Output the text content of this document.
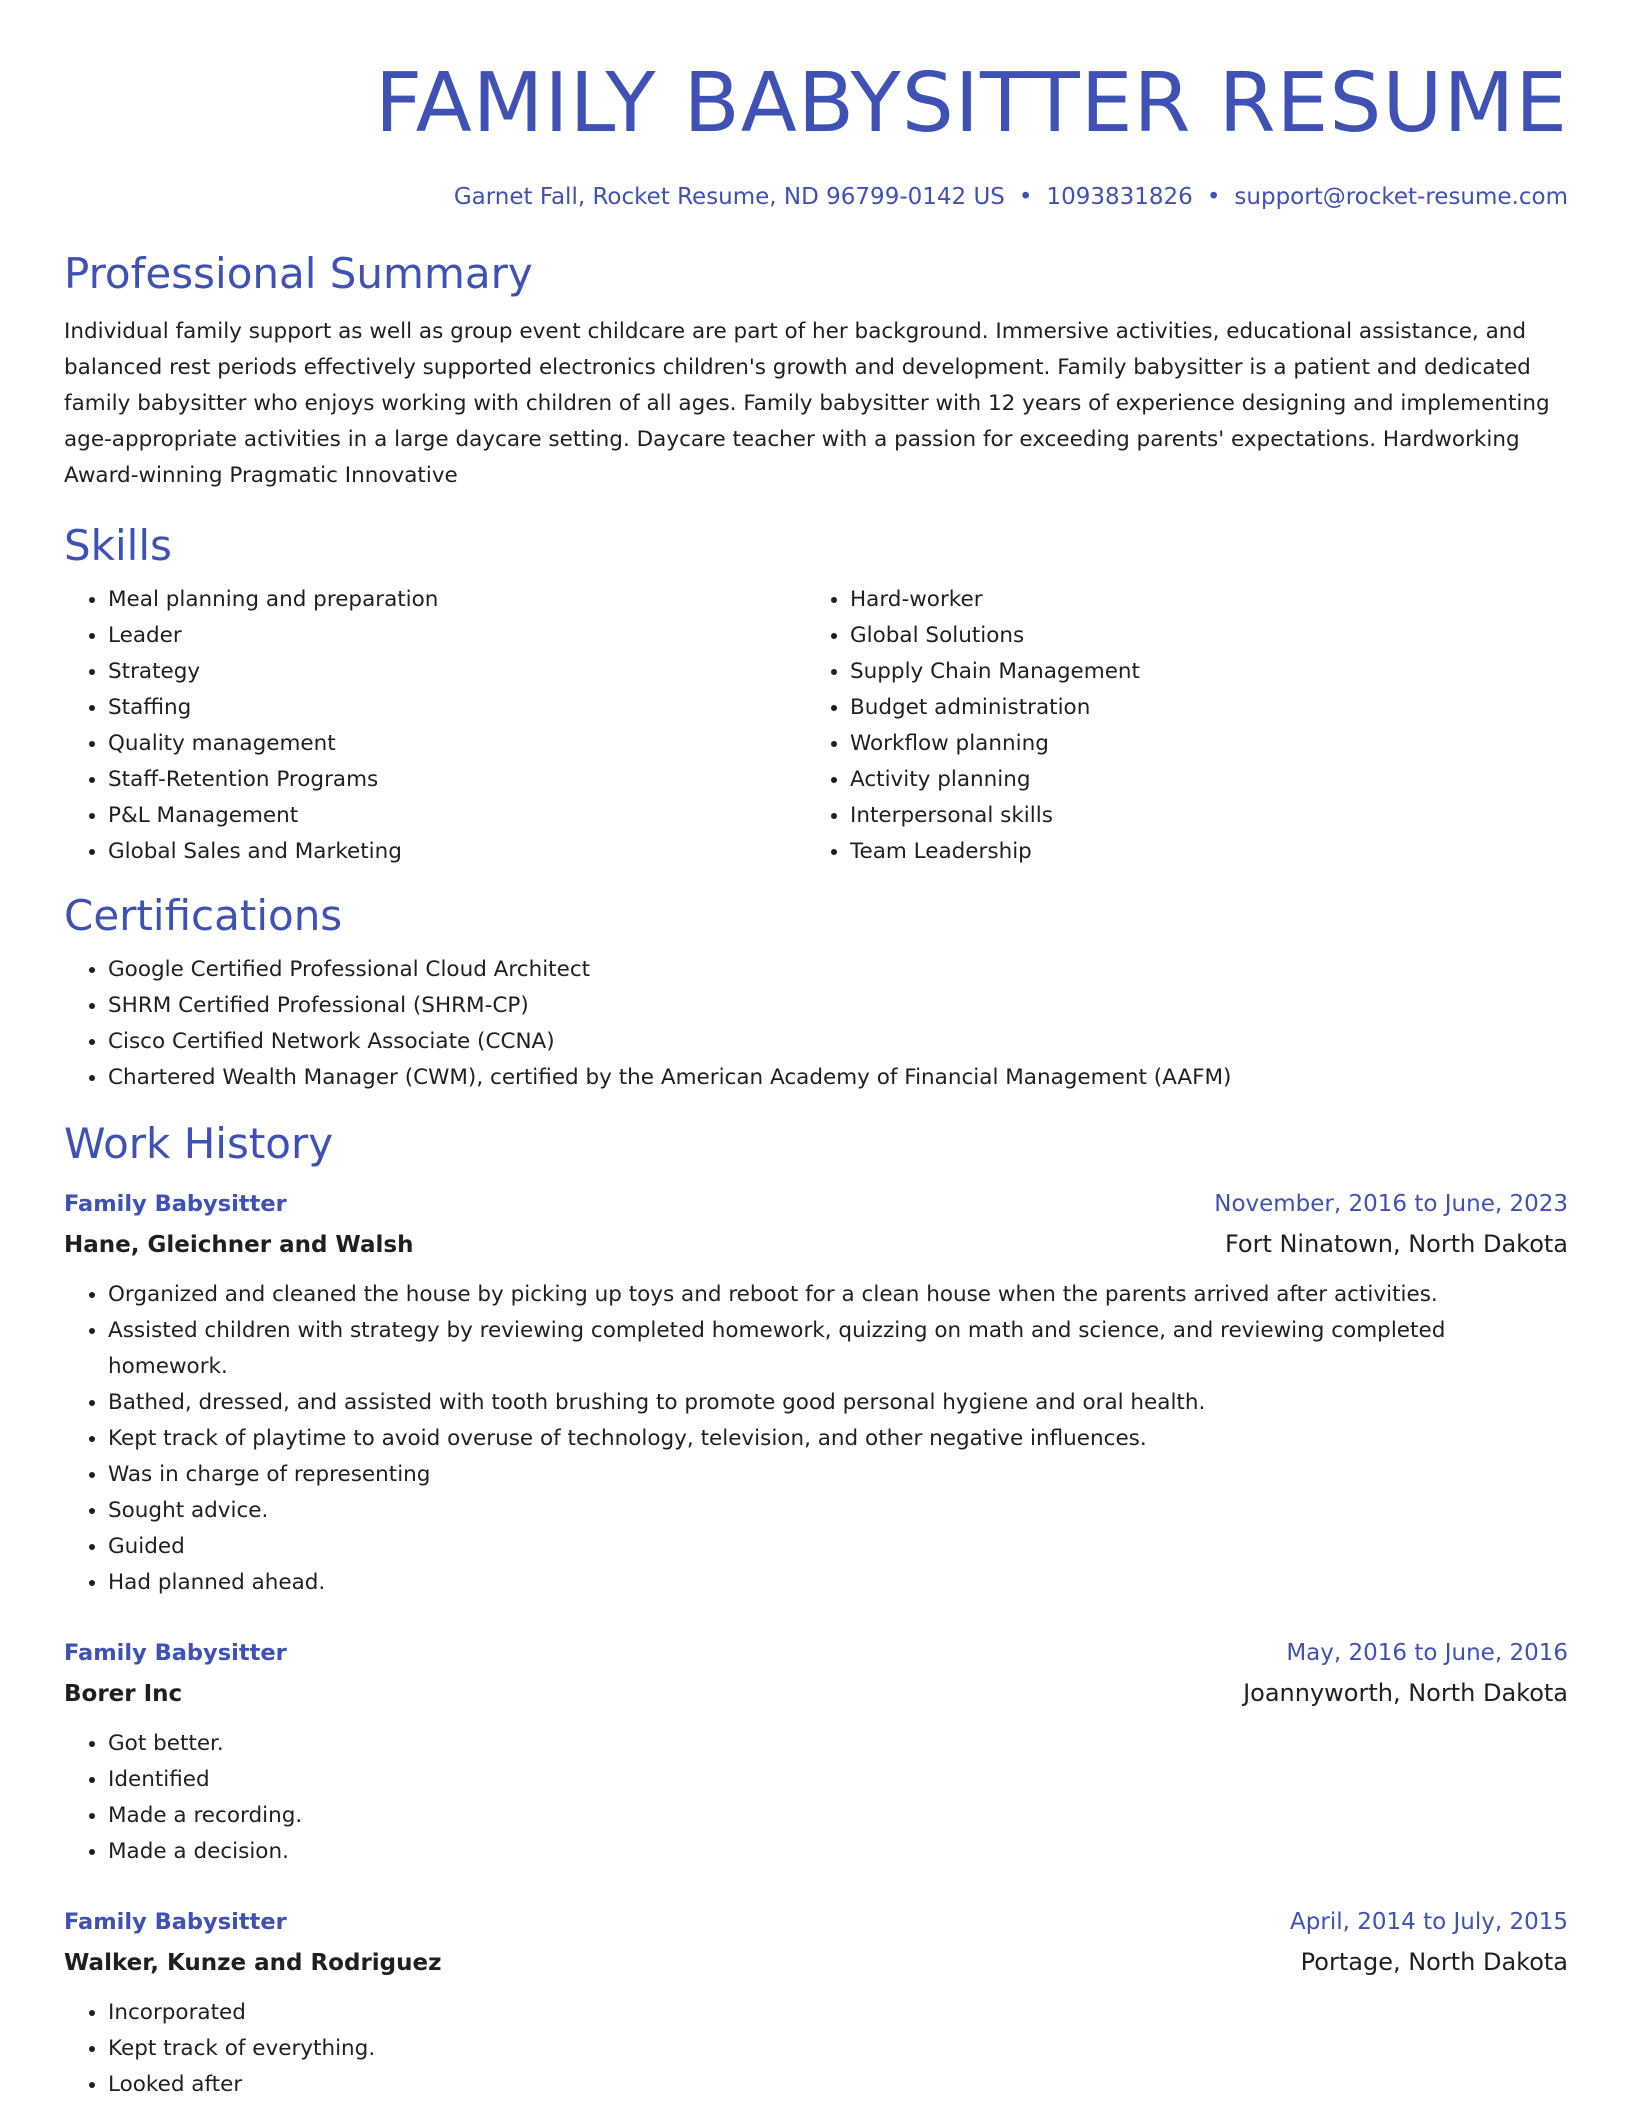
FAMILY BABYSITTER RESUME
Garnet Fall, Rocket Resume, ND 96799-0142 US • 1093831826 • support@rocket-resume.com
Professional Summary
Individual family support as well as group event childcare are part of her background. Immersive activities, educational assistance, and balanced rest periods effectively supported electronics children's growth and development. Family babysitter is a patient and dedicated family babysitter who enjoys working with children of all ages. Family babysitter with 12 years of experience designing and implementing age-appropriate activities in a large daycare setting. Daycare teacher with a passion for exceeding parents' expectations. Hardworking Award-winning Pragmatic Innovative
Skills
• Meal planning and preparation
• Leader
• Strategy
• Staffing
• Quality management
• Staff-Retention Programs
• P&L Management
• Global Sales and Marketing
• Hard-worker
• Global Solutions
• Supply Chain Management
• Budget administration
• Workflow planning
• Activity planning
• Interpersonal skills
• Team Leadership
Certifications
• Google Certified Professional Cloud Architect
• SHRM Certified Professional (SHRM-CP)
• Cisco Certified Network Associate (CCNA)
• Chartered Wealth Manager (CWM), certified by the American Academy of Financial Management (AAFM)
Work History
Family Babysitter	November, 2016 to June, 2023
Hane, Gleichner and Walsh	Fort Ninatown, North Dakota
• Organized and cleaned the house by picking up toys and reboot for a clean house when the parents arrived after activities.
• Assisted children with strategy by reviewing completed homework, quizzing on math and science, and reviewing completed homework.
• Bathed, dressed, and assisted with tooth brushing to promote good personal hygiene and oral health.
• Kept track of playtime to avoid overuse of technology, television, and other negative influences.
• Was in charge of representing
• Sought advice.
• Guided
• Had planned ahead.
Family Babysitter	May, 2016 to June, 2016
Borer Inc	Joannyworth, North Dakota
• Got better.
• Identified
• Made a recording.
• Made a decision.
Family Babysitter	April, 2014 to July, 2015
Walker, Kunze and Rodriguez	Portage, North Dakota
• Incorporated
• Kept track of everything.
• Looked after
